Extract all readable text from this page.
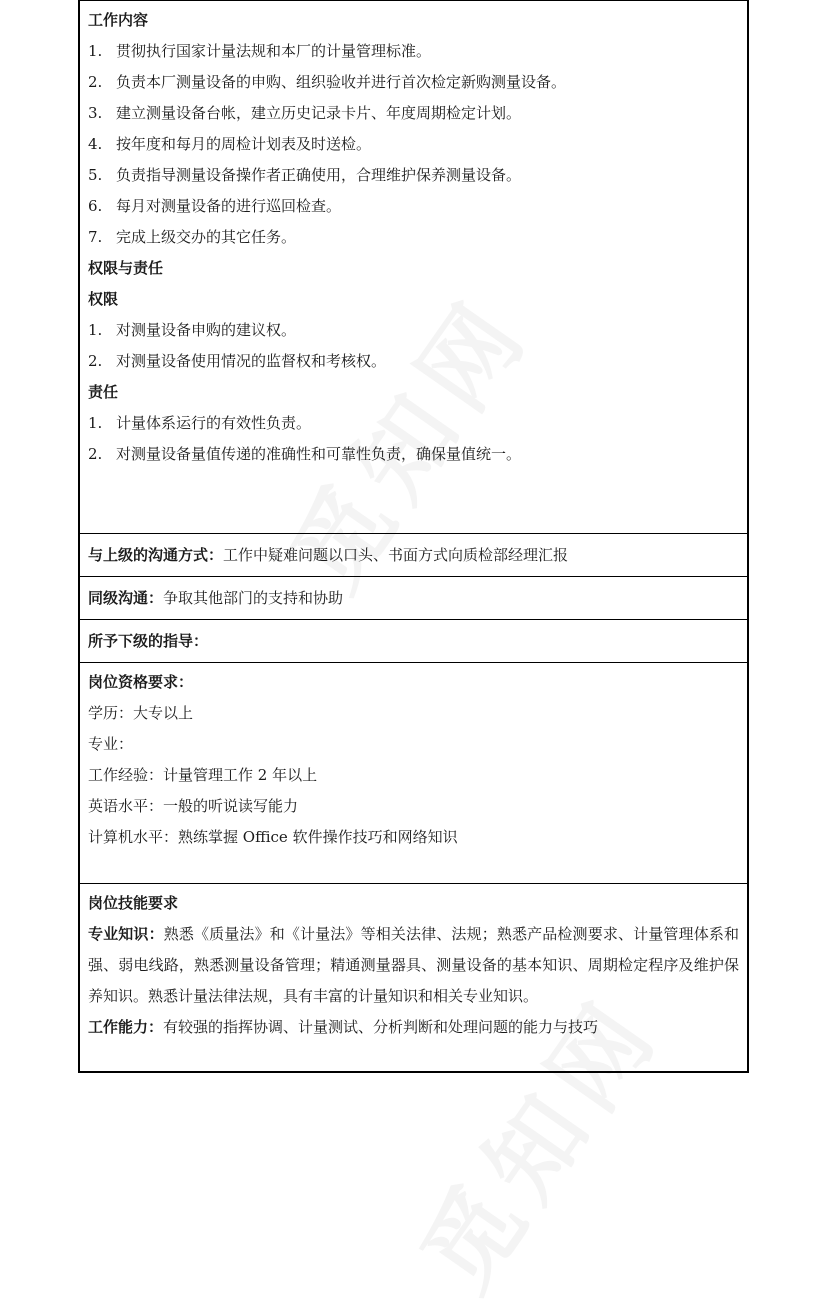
工作内容
1. 贯彻执行国家计量法规和本厂的计量管理标准。
2. 负责本厂测量设备的申购、组织验收并进行首次检定新购测量设备。
3. 建立测量设备台帐，建立历史记录卡片、年度周期检定计划。
4. 按年度和每月的周检计划表及时送检。
5. 负责指导测量设备操作者正确使用，合理维护保养测量设备。
6. 每月对测量设备的进行巡回检查。
7. 完成上级交办的其它任务。
权限与责任
权限
1. 对测量设备申购的建议权。
2. 对测量设备使用情况的监督权和考核权。
责任
1. 计量体系运行的有效性负责。
2. 对测量设备量值传递的准确性和可靠性负责，确保量值统一。
与上级的沟通方式：工作中疑难问题以口头、书面方式向质检部经理汇报
同级沟通：争取其他部门的支持和协助
所予下级的指导：
岗位资格要求：
学历：大专以上
专业：
工作经验：计量管理工作 2 年以上
英语水平：一般的听说读写能力
计算机水平：熟练掌握 Office 软件操作技巧和网络知识
岗位技能要求
专业知识：熟悉《质量法》和《计量法》等相关法律、法规；熟悉产品检测要求、计量管理体系和强、弱电线路，熟悉测量设备管理；精通测量器具、测量设备的基本知识、周期检定程序及维护保养知识。熟悉计量法律法规，具有丰富的计量知识和相关专业知识。
工作能力：有较强的指挥协调、计量测试、分析判断和处理问题的能力与技巧
